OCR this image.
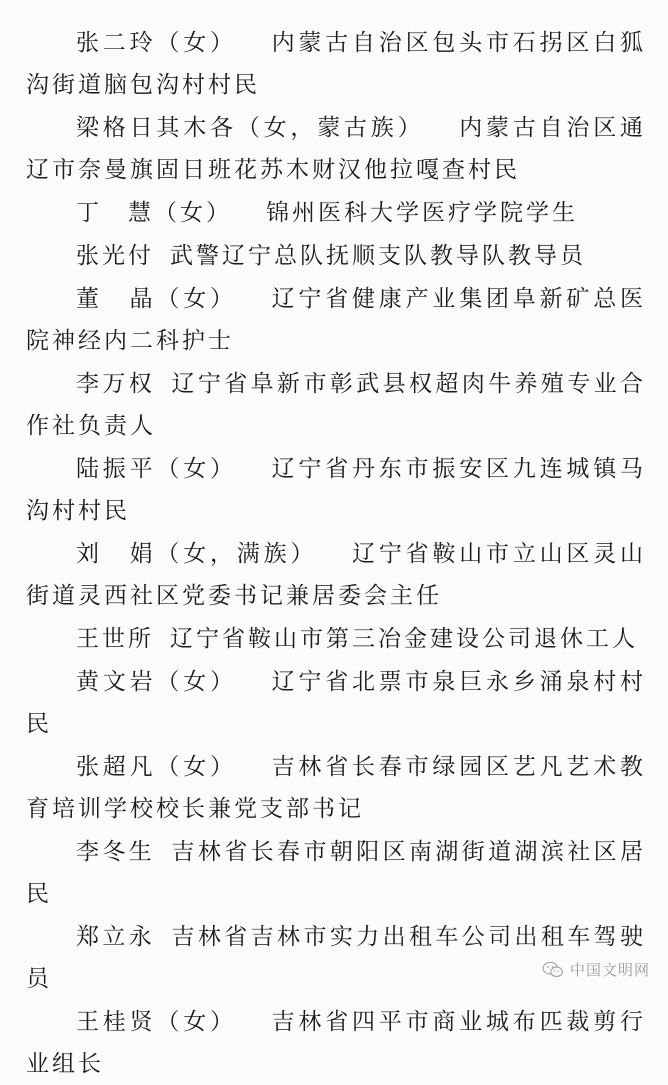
张二玲（女） 内蒙古自治区包头市石拐区白狐沟街道脑包沟村村民

梁格日其木各（女，蒙古族） 内蒙古自治区通辽市奈曼旗固日班花苏木财汉他拉嘎查村民

丁　慧（女） 锦州医科大学医疗学院学生

张光付 武警辽宁总队抚顺支队教导队教导员

董　晶（女） 辽宁省健康产业集团阜新矿总医院神经内二科护士

李万权 辽宁省阜新市彰武县权超肉牛养殖专业合作社负责人

陆振平（女） 辽宁省丹东市振安区九连城镇马沟村村民

刘　娟（女，满族） 辽宁省鞍山市立山区灵山街道灵西社区党委书记兼居委会主任

王世所 辽宁省鞍山市第三冶金建设公司退休工人

黄文岩（女） 辽宁省北票市泉巨永乡涌泉村村民

张超凡（女） 吉林省长春市绿园区艺凡艺术教育培训学校校长兼党支部书记

李冬生 吉林省长春市朝阳区南湖街道湖滨社区居民

郑立永 吉林省吉林市实力出租车公司出租车驾驶员

王桂贤（女） 吉林省四平市商业城布匹裁剪行业组长

中国文明网
